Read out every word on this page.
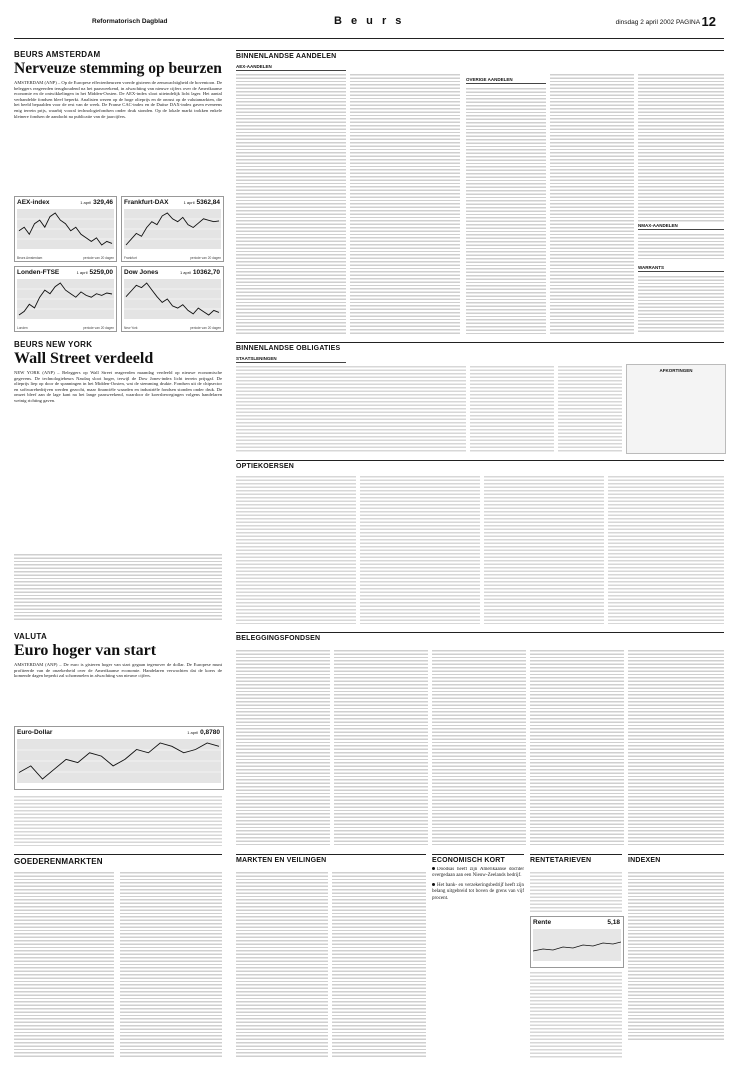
Reformatorisch Dagblad	B e u r s	dinsdag 2 april 2002 PAGINA 12
BEURS AMSTERDAM
Nerveuze stemming op beurzen
AMSTERDAM (ANP) – Op de Europese effectenbeurzen voerde gisteren de zenuwachtigheid de boventoon. De beleggers reageerden terughoudend na het paasweekend, in afwachting van nieuwe cijfers over de Amerikaanse economie en de ontwikkelingen in het Midden-Oosten. De AEX-index sloot uiteindelijk licht lager. Het aantal verhandelde fondsen bleef beperkt. Analisten wezen op de hoge olieprijs en de onrust op de valutamarkten, die het beeld bepaalden voor de rest van de week. De Franse CAC-index en de Duitse DAX-index gaven eveneens enig terrein prijs, waarbij vooral technologiefondsen onder druk stonden. Op de lokale markt trokken enkele kleinere fondsen de aandacht na publicatie van de jaarcijfers.
AEX-index	1 april 329,46
Beurs Amsterdam	periode van 20 dagen
Frankfurt-DAX	1 april 5362,84
Frankfurt	periode van 20 dagen
Londen-FTSE	1 april 5259,00
Londen	periode van 20 dagen
Dow Jones	1 april 10362,70
New York	periode van 20 dagen
BEURS NEW YORK
Wall Street verdeeld
NEW YORK (ANP) – Beleggers op Wall Street reageerden maandag verdeeld op nieuwe economische gegevens. De technologiebeurs Nasdaq sloot hoger, terwijl de Dow Jones-index licht terrein prijsgaf. De olieprijs liep op door de spanningen in het Midden-Oosten, wat de stemming drukte. Fondsen uit de chipsector en softwarebedrijven werden gezocht, maar financiële waarden en industriële fondsen stonden onder druk. De omzet bleef aan de lage kant na het lange paasweekend, waardoor de koersbewegingen volgens handelaren weinig richting gaven.
VALUTA
Euro hoger van start
AMSTERDAM (ANP) – De euro is gisteren hoger van start gegaan tegenover de dollar. De Europese munt profiteerde van de onzekerheid over de Amerikaanse economie. Handelaren verwachten dat de koers de komende dagen beperkt zal schommelen in afwachting van nieuwe cijfers.
Euro-Dollar	1 april 0,8780
GOEDERENMARKTEN
BINNENLANDSE AANDELEN
AEX-AANDELEN
OVERIGE AANDELEN
NMAX-AANDELEN
WARRANTS
BINNENLANDSE OBLIGATIES
STAATSLENINGEN
AFKORTINGEN
OPTIEKOERSEN
BELEGGINGSFONDSEN
MARKTEN EN VEILINGEN	ECONOMISCH KORT

Doodsas heeft zijn Amerikaanse dochter overgedaan aan een Nieuw-Zeelands bedrijf.

Het bank- en verzekeringsbedrijf heeft zijn belang uitgebreid tot boven de grens van vijf procent.

RENTETARIEVEN
Rente	5,18
INDEXEN
